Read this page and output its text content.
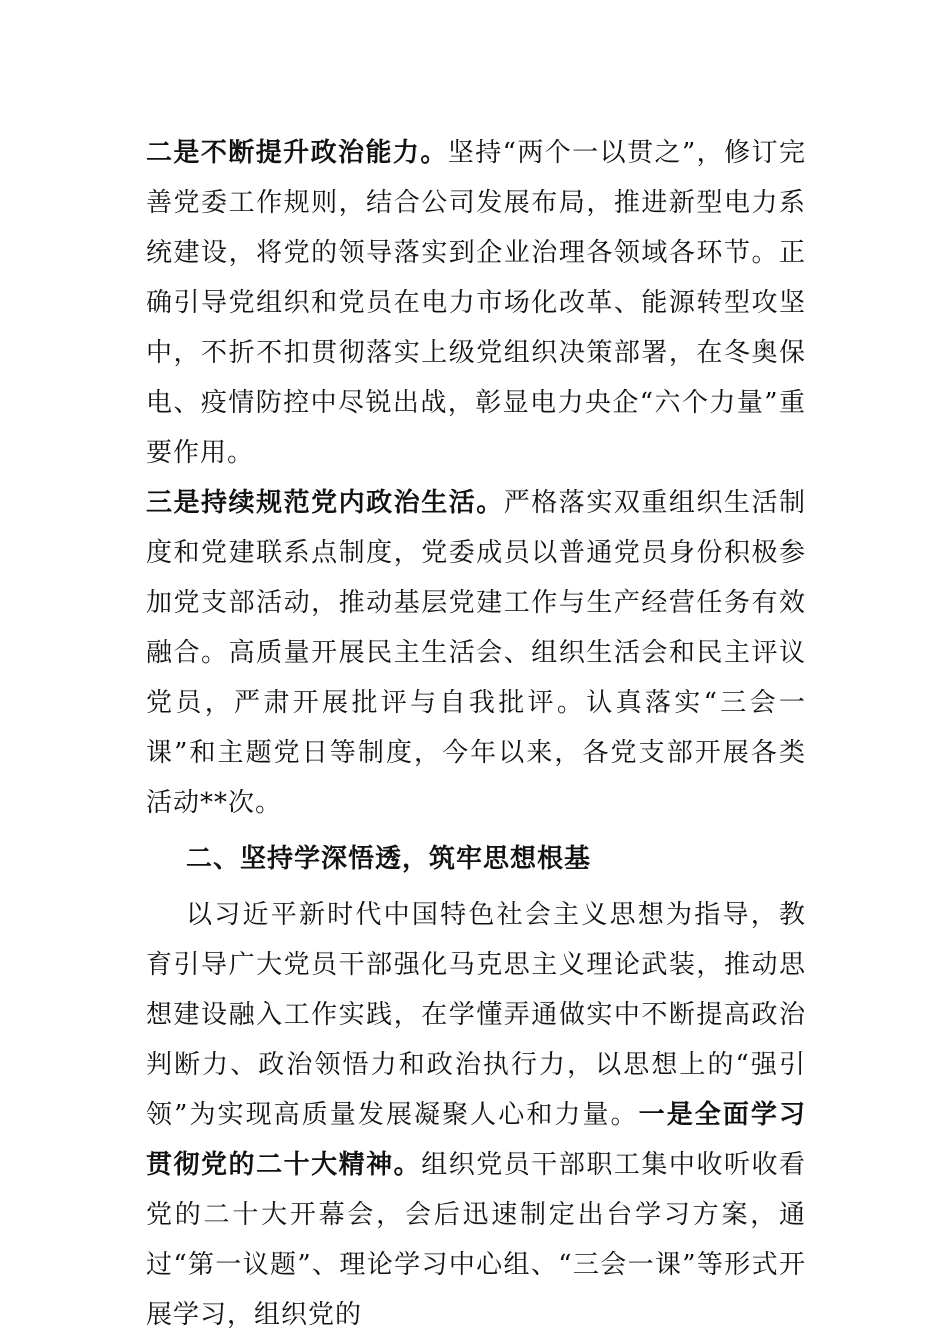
二是不断提升政治能力。坚持“两个一以贯之”，修订完善党委工作规则，结合公司发展布局，推进新型电力系统建设，将党的领导落实到企业治理各领域各环节。正确引导党组织和党员在电力市场化改革、能源转型攻坚中，不折不扣贯彻落实上级党组织决策部署，在冬奥保电、疫情防控中尽锐出战，彰显电力央企“六个力量”重要作用。

三是持续规范党内政治生活。严格落实双重组织生活制度和党建联系点制度，党委成员以普通党员身份积极参加党支部活动，推动基层党建工作与生产经营任务有效融合。高质量开展民主生活会、组织生活会和民主评议党员，严肃开展批评与自我批评。认真落实“三会一课”和主题党日等制度，今年以来，各党支部开展各类活动**次。

二、坚持学深悟透，筑牢思想根基

以习近平新时代中国特色社会主义思想为指导，教育引导广大党员干部强化马克思主义理论武装，推动思想建设融入工作实践，在学懂弄通做实中不断提高政治判断力、政治领悟力和政治执行力，以思想上的“强引领”为实现高质量发展凝聚人心和力量。一是全面学习贯彻党的二十大精神。组织党员干部职工集中收听收看党的二十大开幕会，会后迅速制定出台学习方案，通过“第一议题”、理论学习中心组、“三会一课”等形式开展学习，组织党的
